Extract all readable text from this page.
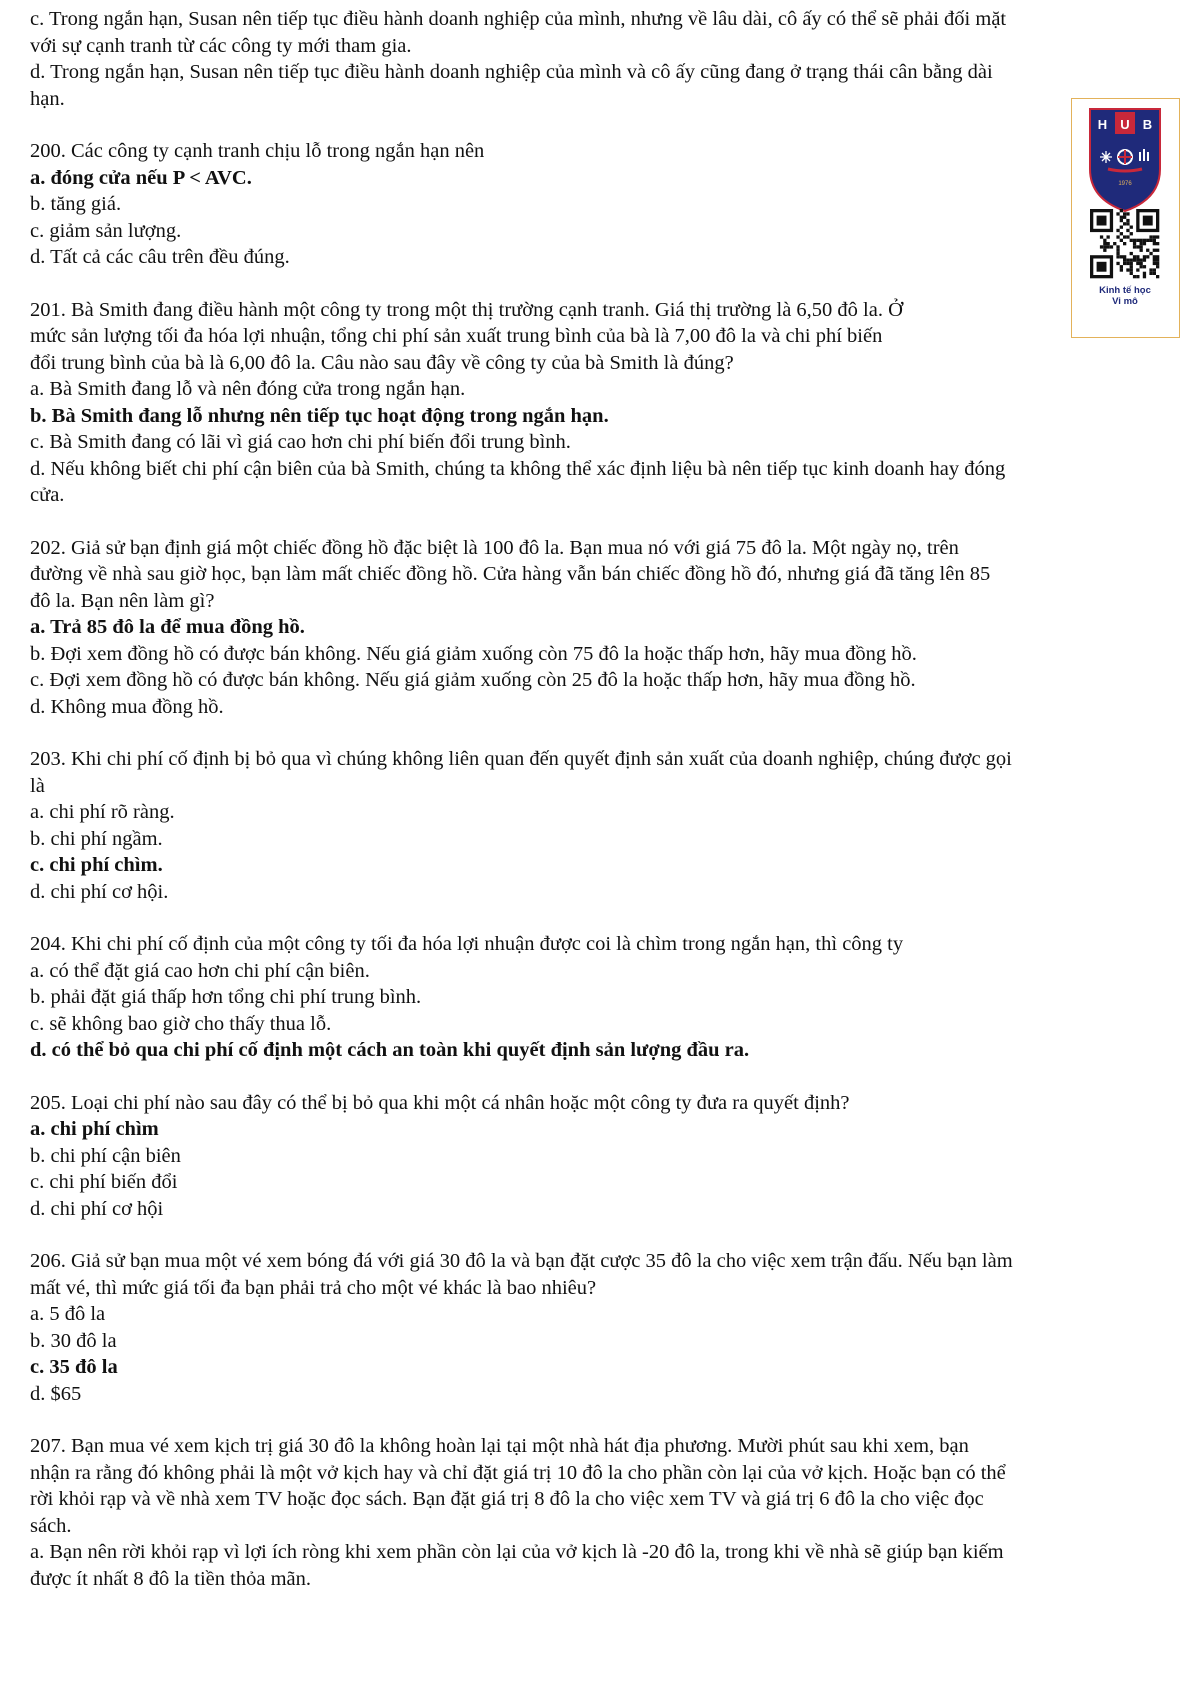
c. Trong ngắn hạn, Susan nên tiếp tục điều hành doanh nghiệp của mình, nhưng về lâu dài, cô ấy có thể sẽ phải đối mặt
với sự cạnh tranh từ các công ty mới tham gia.
d. Trong ngắn hạn, Susan nên tiếp tục điều hành doanh nghiệp của mình và cô ấy cũng đang ở trạng thái cân bằng dài
hạn.
200. Các công ty cạnh tranh chịu lỗ trong ngắn hạn nên
a. đóng cửa nếu P < AVC.
b. tăng giá.
c. giảm sản lượng.
d. Tất cả các câu trên đều đúng.
201. Bà Smith đang điều hành một công ty trong một thị trường cạnh tranh. Giá thị trường là 6,50 đô la. Ở
mức sản lượng tối đa hóa lợi nhuận, tổng chi phí sản xuất trung bình của bà là 7,00 đô la và chi phí biến
đổi trung bình của bà là 6,00 đô la. Câu nào sau đây về công ty của bà Smith là đúng?
a. Bà Smith đang lỗ và nên đóng cửa trong ngắn hạn.
b. Bà Smith đang lỗ nhưng nên tiếp tục hoạt động trong ngắn hạn.
c. Bà Smith đang có lãi vì giá cao hơn chi phí biến đổi trung bình.
d. Nếu không biết chi phí cận biên của bà Smith, chúng ta không thể xác định liệu bà nên tiếp tục kinh doanh hay đóng
cửa.
202. Giả sử bạn định giá một chiếc đồng hồ đặc biệt là 100 đô la. Bạn mua nó với giá 75 đô la. Một ngày nọ, trên
đường về nhà sau giờ học, bạn làm mất chiếc đồng hồ. Cửa hàng vẫn bán chiếc đồng hồ đó, nhưng giá đã tăng lên 85
đô la. Bạn nên làm gì?
a. Trả 85 đô la để mua đồng hồ.
b. Đợi xem đồng hồ có được bán không. Nếu giá giảm xuống còn 75 đô la hoặc thấp hơn, hãy mua đồng hồ.
c. Đợi xem đồng hồ có được bán không. Nếu giá giảm xuống còn 25 đô la hoặc thấp hơn, hãy mua đồng hồ.
d. Không mua đồng hồ.
203. Khi chi phí cố định bị bỏ qua vì chúng không liên quan đến quyết định sản xuất của doanh nghiệp, chúng được gọi
là
a. chi phí rõ ràng.
b. chi phí ngầm.
c. chi phí chìm.
d. chi phí cơ hội.
204. Khi chi phí cố định của một công ty tối đa hóa lợi nhuận được coi là chìm trong ngắn hạn, thì công ty
a. có thể đặt giá cao hơn chi phí cận biên.
b. phải đặt giá thấp hơn tổng chi phí trung bình.
c. sẽ không bao giờ cho thấy thua lỗ.
d. có thể bỏ qua chi phí cố định một cách an toàn khi quyết định sản lượng đầu ra.
205. Loại chi phí nào sau đây có thể bị bỏ qua khi một cá nhân hoặc một công ty đưa ra quyết định?
a. chi phí chìm
b. chi phí cận biên
c. chi phí biến đổi
d. chi phí cơ hội
206. Giả sử bạn mua một vé xem bóng đá với giá 30 đô la và bạn đặt cược 35 đô la cho việc xem trận đấu. Nếu bạn làm
mất vé, thì mức giá tối đa bạn phải trả cho một vé khác là bao nhiêu?
a. 5 đô la
b. 30 đô la
c. 35 đô la
d. $65
207. Bạn mua vé xem kịch trị giá 30 đô la không hoàn lại tại một nhà hát địa phương. Mười phút sau khi xem, bạn
nhận ra rằng đó không phải là một vở kịch hay và chỉ đặt giá trị 10 đô la cho phần còn lại của vở kịch. Hoặc bạn có thể
rời khỏi rạp và về nhà xem TV hoặc đọc sách. Bạn đặt giá trị 8 đô la cho việc xem TV và giá trị 6 đô la cho việc đọc
sách.
a. Bạn nên rời khỏi rạp vì lợi ích ròng khi xem phần còn lại của vở kịch là -20 đô la, trong khi về nhà sẽ giúp bạn kiếm
được ít nhất 8 đô la tiền thỏa mãn.
H U B
1976
Kinh tế học
Vi mô
